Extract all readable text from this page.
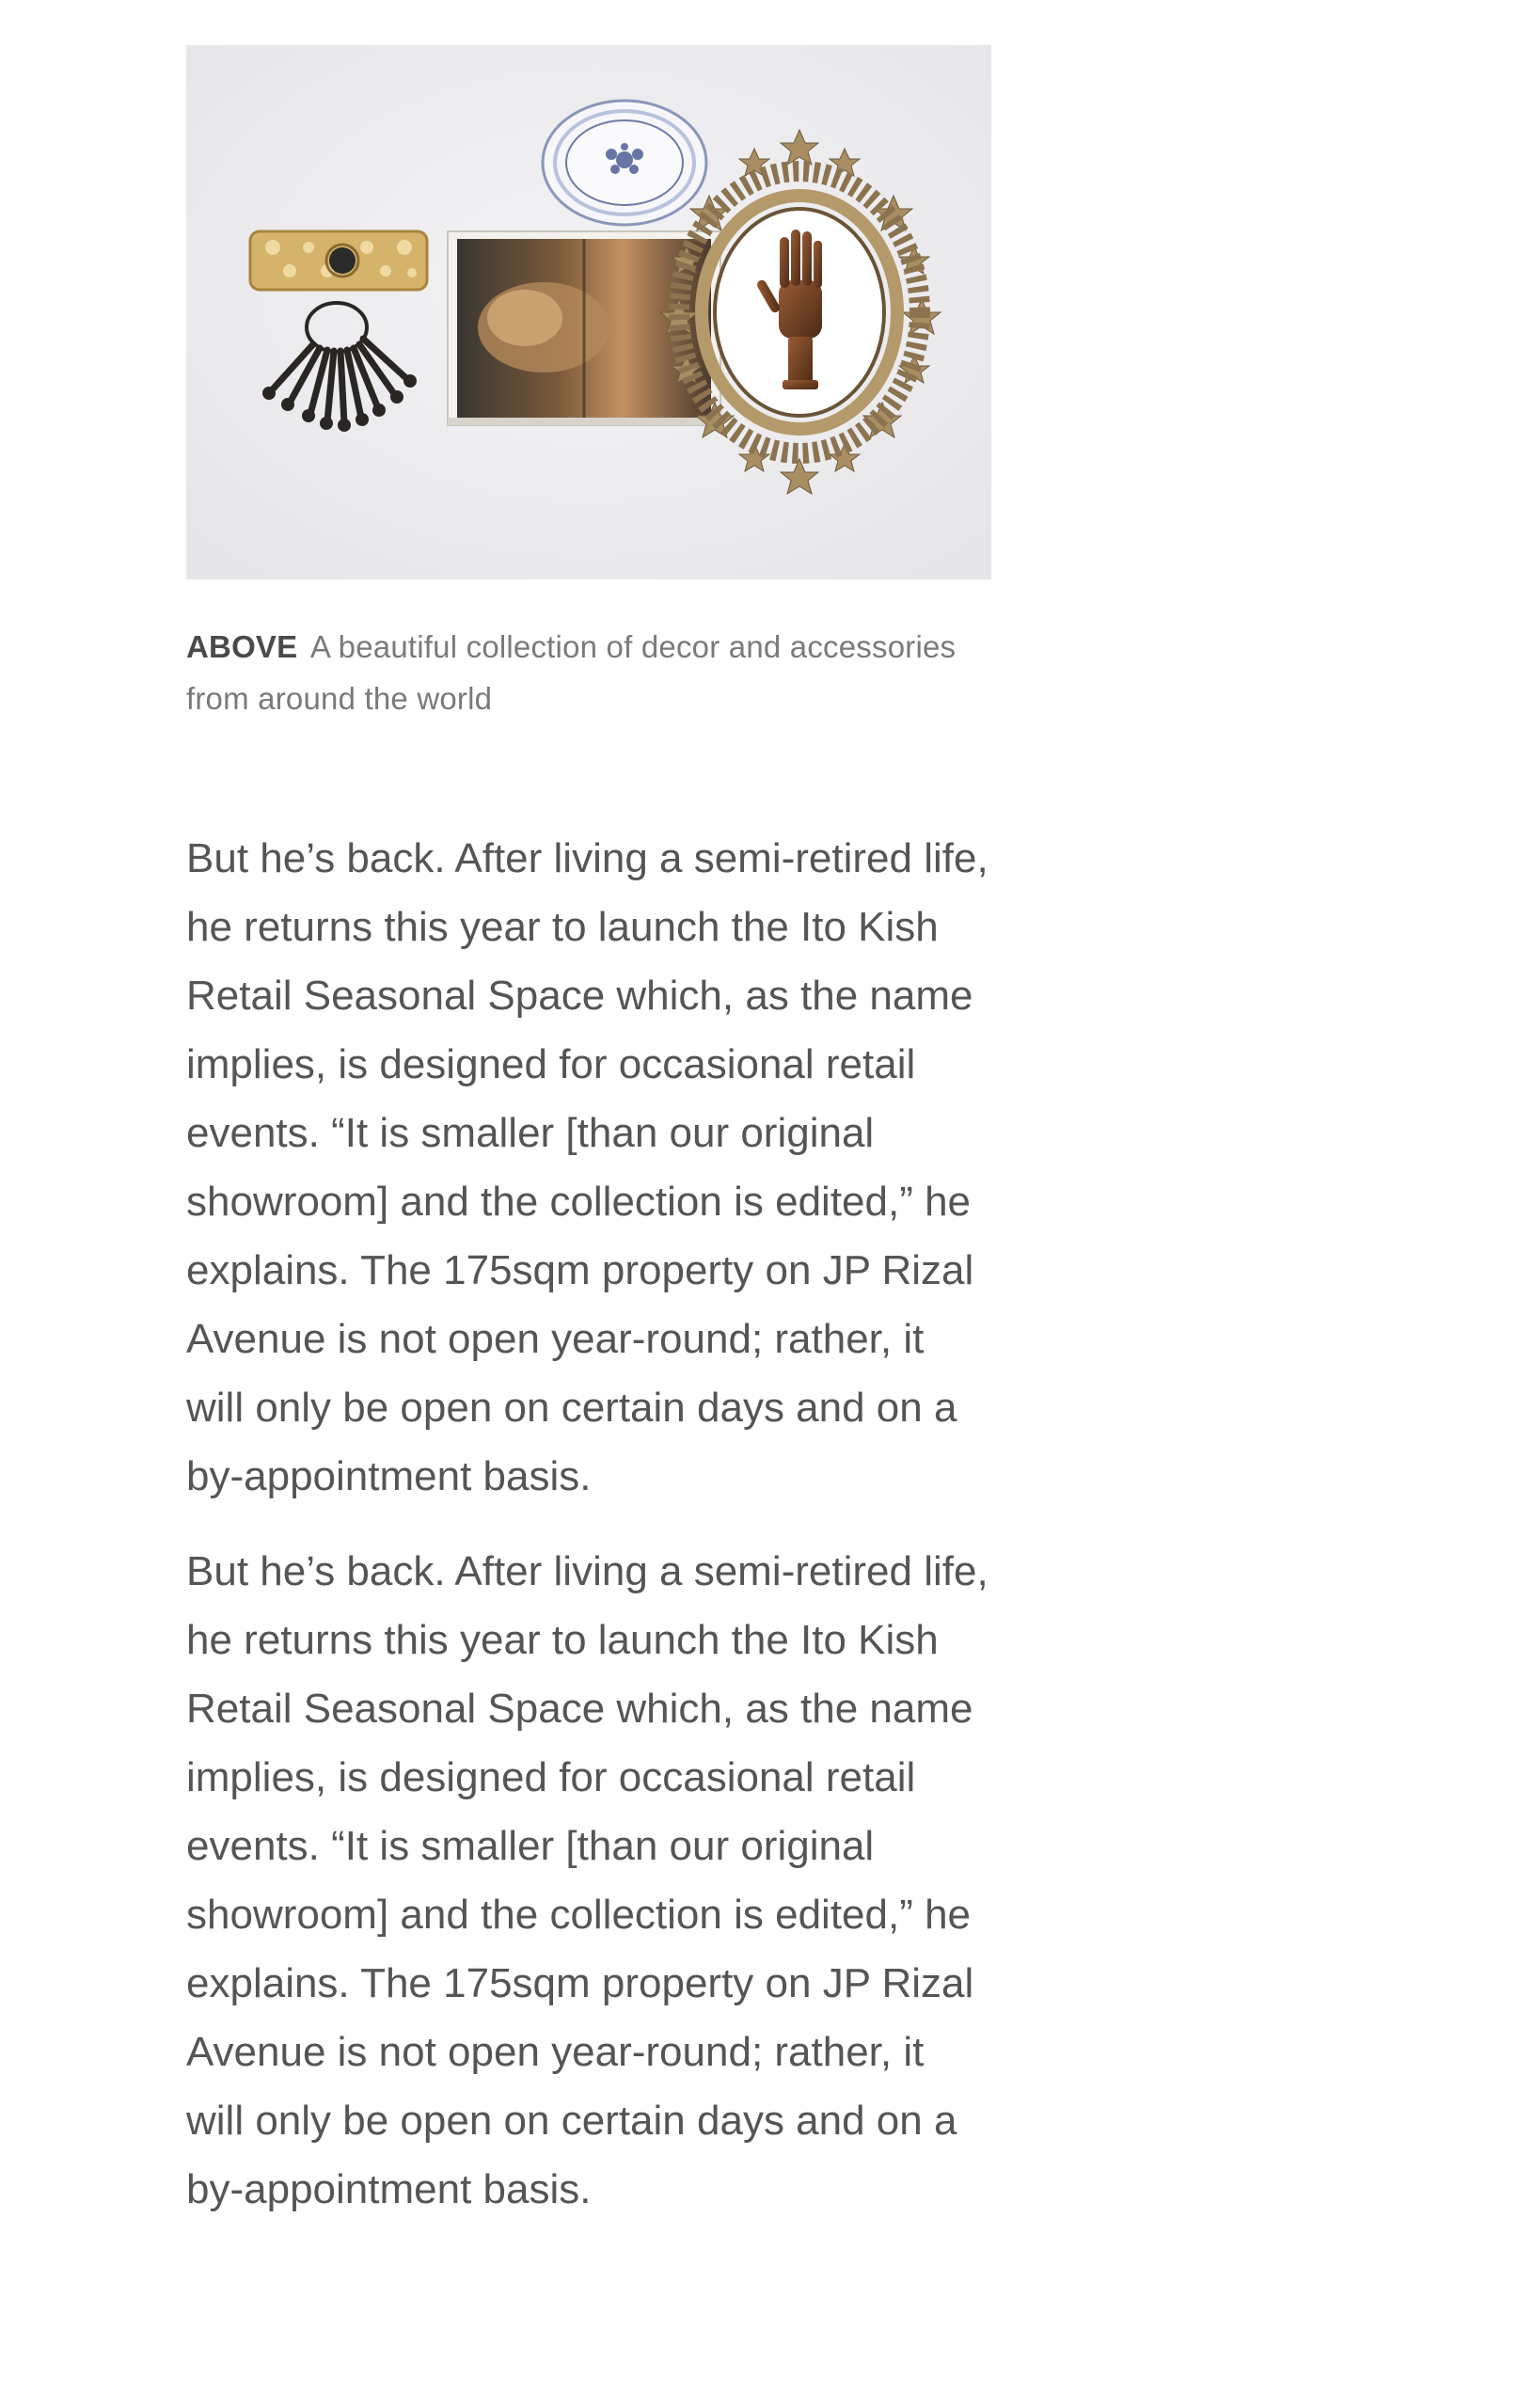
ABOVE A beautiful collection of decor and accessories from around the world

But he’s back. After living a semi-retired life, he returns this year to launch the Ito Kish Retail Seasonal Space which, as the name implies, is designed for occasional retail events. “It is smaller [than our original showroom] and the collection is edited,” he explains. The 175sqm property on JP Rizal Avenue is not open year-round; rather, it will only be open on certain days and on a by-appointment basis.

But he’s back. After living a semi-retired life, he returns this year to launch the Ito Kish Retail Seasonal Space which, as the name implies, is designed for occasional retail events. “It is smaller [than our original showroom] and the collection is edited,” he explains. The 175sqm property on JP Rizal Avenue is not open year-round; rather, it will only be open on certain days and on a by-appointment basis.
